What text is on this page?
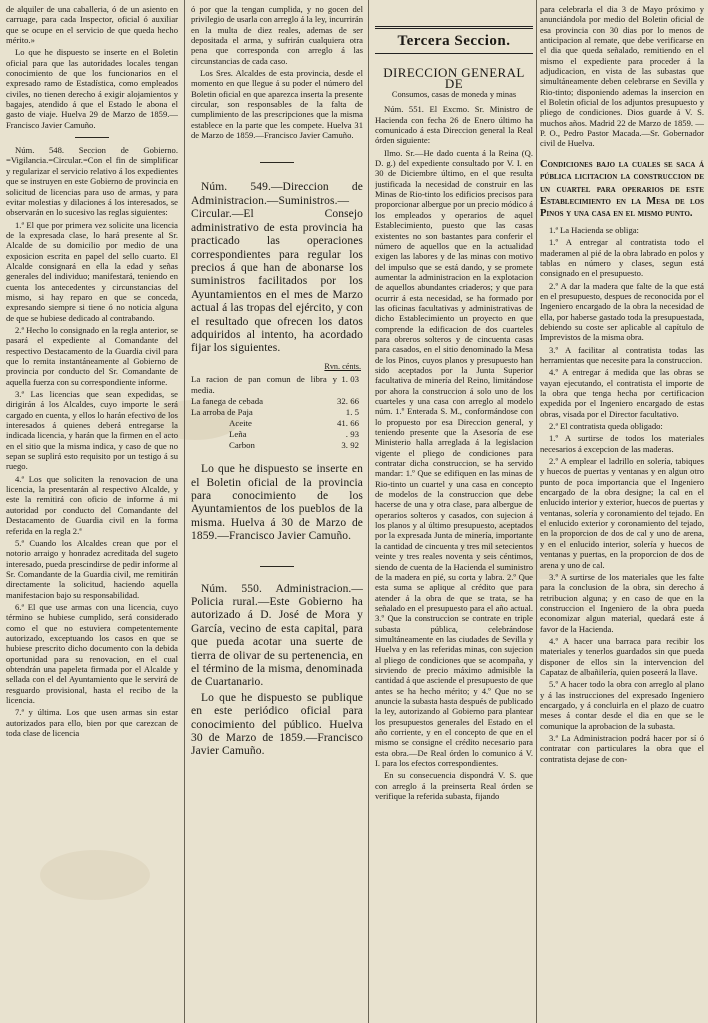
de alquiler de una caballeria, ó de un asiento en carruage, para cada Inspector, oficial ó auxiliar que se ocupe en el servicio de que queda hecho mérito.»

Lo que he dispuesto se inserte en el Boletin oficial para que las autoridades locales tengan conocimiento de que los funcionarios en el expresado ramo de Estadística, como empleados civiles, no tienen derecho á exigir alojamientos y bagajes, atendido á que el Estado le abona el gasto de viaje. Huelva 29 de Marzo de 1859.—Francisco Javier Camuño.

Núm. 548. Seccion de Gobierno. =Vigilancia.=Circular.=Con el fin de simplificar y regularizar el servicio relativo á los expedientes que se instruyen en este Gobierno de provincia en solicitud de licencias para uso de armas, y para evitar molestias y dilaciones á los interesados, se observarán en lo sucesivo las reglas siguientes:

1.ª El que por primera vez solicite una licencia de la expresada clase, lo hará presente al Sr. Alcalde de su domicilio por medio de una exposicion escrita en papel del sello cuarto. El Alcalde consignará en ella la edad y señas generales del individuo; manifestará, teniendo en cuenta los antecedentes y circunstancias del mismo, si hay reparo en que se conceda, expresando siempre si tiene ó no noticia alguna de que se hubiese dedicado al contrabando.

2.ª Hecho lo consignado en la regla anterior, se pasará el expediente al Comandante del respectivo Destacamento de la Guardia civil para que lo remita instantáneamente al Gobierno de provincia por conducto del Sr. Comandante de aquella fuerza con su correspondiente informe.

3.ª Las licencias que sean expedidas, se dirigirán á los Alcaldes, cuyo importe le será cargado en cuenta, y ellos lo harán efectivo de los interesados á quienes deberá entregarse la indicada licencia, y harán que la firmen en el acto en el sitio que la misma indica, y caso de que no sepan se suplirá esto requisito por un testigo á su ruego.

4.ª Los que soliciten la renovacion de una licencia, la presentarán al respectivo Alcalde, y este la remitirá con oficio de informe á mi autoridad por conducto del Comandante del Destacamento de Guardia civil en la forma referida en la regla 2.ª

5.ª Cuando los Alcaldes crean que por el notorio arraigo y honradez acreditada del sugeto interesado, pueda prescindirse de pedir informe al Sr. Comandante de la Guardia civil, me remitirán directamente la solicitud, haciendo aquella manifestacion bajo su responsabilidad.

6.ª El que use armas con una licencia, cuyo término se hubiese cumplido, será considerado como el que no estuviera competentemente autorizado, exceptuando los casos en que se hubiese prescrito dicho documento con la debida oportunidad para su renovacion, en el cual obtendrán una papeleta firmada por el Alcalde y sellada con el del Ayuntamiento que le servirá de resguardo provisional, hasta el recibo de la licencia.

7.ª y última. Los que usen armas sin estar autorizados para ello, bien por que carezcan de toda clase de licencia

ó por que la tengan cumplida, y no gocen del privilegio de usarla con arreglo á la ley, incurrirán en la multa de diez reales, ademas de ser depositada el arma, y sufrirán cualquiera otra pena que corresponda con arreglo á las circunstancias de cada caso.

Los Sres. Alcaldes de esta provincia, desde el momento en que llegue á su poder el número del Boletin oficial en que aparezca inserta la presente circular, son responsables de la falta de cumplimiento de las prescripciones que la misma establece en la parte que les compete. Huelva 31 de Marzo de 1859.—Francisco Javier Camuño.

Núm. 549.—Direccion de Administracion.—Suministros.—Circular.—El Consejo administrativo de esta provincia ha practicado las operaciones correspondientes para regular los precios á que han de abonarse los suministros facilitados por los Ayuntamientos en el mes de Marzo actual á las tropas del ejército, y con el resultado que ofrecen los datos adquiridos al intento, ha acordado fijar los siguientes.

Rvn. cénts.
La racion de pan comun de libra y media.	1. 03
La fanega de cebada	32. 66
La arroba de Paja	1. 5
Aceite	41. 66
Leña	. 93
Carbon	3. 92

Lo que he dispuesto se inserte en el Boletin oficial de la provincia para conocimiento de los Ayuntamientos de los pueblos de la misma. Huelva á 30 de Marzo de 1859.—Francisco Javier Camuño.

Núm. 550. Administracion.—Policia rural.—Este Gobierno ha autorizado á D. José de Mora y García, vecino de esta capital, para que pueda acotar una suerte de tierra de olivar de su pertenencia, en el término de la misma, denominada de Cuartanario.

Lo que he dispuesto se publique en este periódico oficial para conocimiento del público. Huelva 30 de Marzo de 1859.—Francisco Javier Camuño.

Tercera Seccion.
DIRECCION GENERAL DE
Consumos, casas de moneda y minas

Núm. 551. El Excmo. Sr. Ministro de Hacienda con fecha 26 de Enero último ha comunicado á esta Direccion general la Real órden siguiente:

Ilmo. Sr.—He dado cuenta á la Reina (Q. D. g.) del expediente consultado por V. I. en 30 de Diciembre último, en el que resulta justificada la necesidad de construir en las Minas de Rio-tinto los edificios precisos para proporcionar albergue por un precio módico á los empleados y operarios de aquel Establecimiento, puesto que las casas existentes no son bastantes para conferir el número de aquellos que en la actualidad exigen las labores y de las minas con motivo del impulso que se está dando, y se promete aumentar la administracion en la explotacion de aquellos abundantes criaderos; y que para ocurrir á esta necesidad, se ha formado por las oficinas facultativas y administrativas de dicho Establecimiento un proyecto en que comprende la edificacion de dos cuarteles para obreros solteros y de cincuenta casas para casados, en el sitio denominado la Mesa de los Pinos, cuyos planos y presupuesto han sido aceptados por la Junta Superior facultativa de minería del Reino, limitándose por ahora la construccion á solo uno de los cuarteles y una casa con arreglo al modelo núm. 1.º Enterada S. M., conformándose con lo propuesto por esa Direccion general, y teniendo presente que la Asesoría de ese Ministerio halla arreglada á la legislacion vigente el pliego de condiciones para contratar dicha construccion, se ha servido mandar: 1.º Que se edifiquen en las minas de Rio-tinto un cuartel y una casa en concepto de modelos de la construccion que debe hacerse de una y otra clase, para albergue de operarios solteros y casados, con sujecion á los planos y al último presupuesto, aceptados por la expresada Junta de minería, importante la cantidad de cincuenta y tres mil setecientos veinte y tres reales noventa y seis céntimos, siendo de cuenta de la Hacienda el suministro de la madera en pié, su corta y labra. 2.º Que esta suma se aplique al crédito que para atender á la obra de que se trata, se ha señalado en el presupuesto para el año actual. 3.º Que la construccion se contrate en triple subasta pública, celebrándose simultáneamente en las ciudades de Sevilla y Huelva y en las referidas minas, con sujecion al pliego de condiciones que se acompaña, y sirviendo de precio máximo admisible la cantidad á que asciende el presupuesto de que antes se ha hecho mérito; y 4.º Que no se anuncie la subasta hasta después de publicado la ley, autorizando al Gobierno para plantear los presupuestos generales del Estado en el año corriente, y en el concepto de que en el mismo se consigne el crédito necesario para esta obra.—De Real órden lo comunico á V. I. para los efectos correspondientes.

En su consecuencia dispondrá V. S. que con arreglo á la preinserta Real órden se verifique la referida subasta, fijando

para celebrarla el dia 3 de Mayo próximo y anunciándola por medio del Boletin oficial de esa provincia con 30 dias por lo menos de anticipacion al remate, que debe verificarse en el dia que queda señalado, remitiendo en el mismo el expediente para proceder á la adjudicacion, en vista de las subastas que simultáneamente deben celebrarse en Sevilla y Rio-tinto; disponiendo ademas la insercion en el Boletin oficial de los adjuntos presupuesto y pliego de condiciones. Dios guarde á V. S. muchos años. Madrid 22 de Marzo de 1859. —P. O., Pedro Pastor Macada.—Sr. Gobernador civil de Huelva.

Condiciones bajo la cuales se saca á pública licitacion la construccion de un cuartel para operarios de este Establecimiento en la Mesa de los Pinos y una casa en el mismo punto.

1.ª La Hacienda se obliga:

1.º A entregar al contratista todo el maderamen al pié de la obra labrado en polos y tablas en número y clases, segun está consignado en el presupuesto.

2.º A dar la madera que falte de la que está en el presupuesto, despues de reconocida por el Ingeniero encargado de la obra la necesidad de ella, por haberse gastado toda la presupuestada, debiendo su coste ser aplicable al capítulo de Imprevistos de la misma obra.

3.º A facilitar al contratista todas las herramientas que necesite para la construccion.

4.º A entregar á medida que las obras se vayan ejecutando, el contratista el importe de la obra que tenga hecha por certificacion expedida por el Ingeniero encargado de estas obras, visada por el Director facultativo.

2.ª El contratista queda obligado:

1.º A surtirse de todos los materiales necesarios á excepcion de las maderas.

2.º A emplear el ladrillo en solería, tabiques y huecos de puertas y ventanas y en algun otro punto de poca importancia que el Ingeniero encargado de la obra designe; la cal en el enlucido interior y exterior, huecos de puertas y ventanas, solería y coronamiento del tejado. En el enlucido exterior y coronamiento del tejado, en la proporcion de dos de cal y uno de arena, y en el enlucido interior, solería y huecos de ventanas y puertas, en la proporcion de dos de arena y uno de cal.

3.º A surtirse de los materiales que les falte para la conclusion de la obra, sin derecho á retribucion alguna; y en caso de que en la construccion el Ingeniero de la obra pueda economizar algun material, quedará este á favor de la Hacienda.

4.º A hacer una barraca para recibir los materiales y tenerlos guardados sin que pueda disponer de ellos sin la intervencion del Capataz de albañilería, quien poseerá la llave.

5.º A hacer todo la obra con arreglo al plano y á las instrucciones del expresado Ingeniero encargado, y á concluirla en el plazo de cuatro meses á contar desde el dia en que se le comunique la aprobacion de la subasta.

3.ª La Administracion podrá hacer por sí ó contratar con particulares la obra que el contratista dejase de con-
